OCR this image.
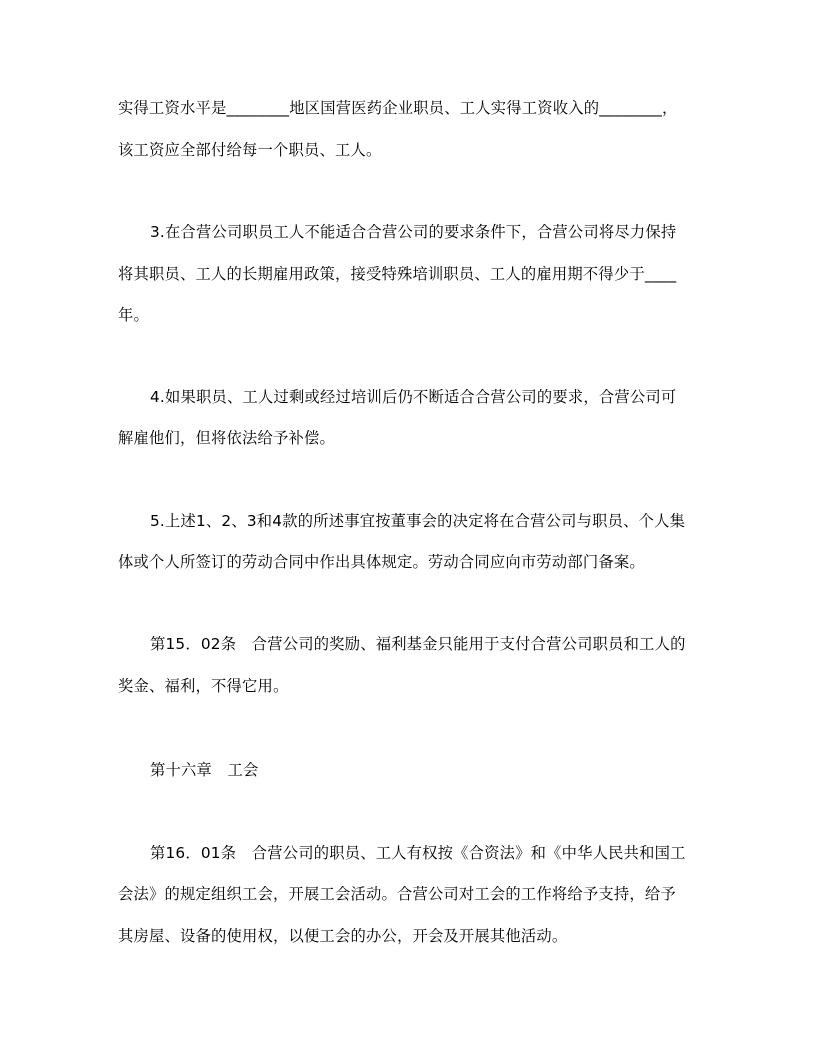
实得工资水平是________地区国营医药企业职员、工人实得工资收入的________，
该工资应全部付给每一个职员、工人。
3.在合营公司职员工人不能适合合营公司的要求条件下，合营公司将尽力保持
将其职员、工人的长期雇用政策，接受特殊培训职员、工人的雇用期不得少于____
年。
4.如果职员、工人过剩或经过培训后仍不断适合合营公司的要求，合营公司可
解雇他们，但将依法给予补偿。
5.上述1、2、3和4款的所述事宜按董事会的决定将在合营公司与职员、个人集
体或个人所签订的劳动合同中作出具体规定。劳动合同应向市劳动部门备案。
第15．02条　合营公司的奖励、福利基金只能用于支付合营公司职员和工人的
奖金、福利，不得它用。
第十六章　工会
第16．01条　合营公司的职员、工人有权按《合资法》和《中华人民共和国工
会法》的规定组织工会，开展工会活动。合营公司对工会的工作将给予支持，给予
其房屋、设备的使用权，以便工会的办公，开会及开展其他活动。
